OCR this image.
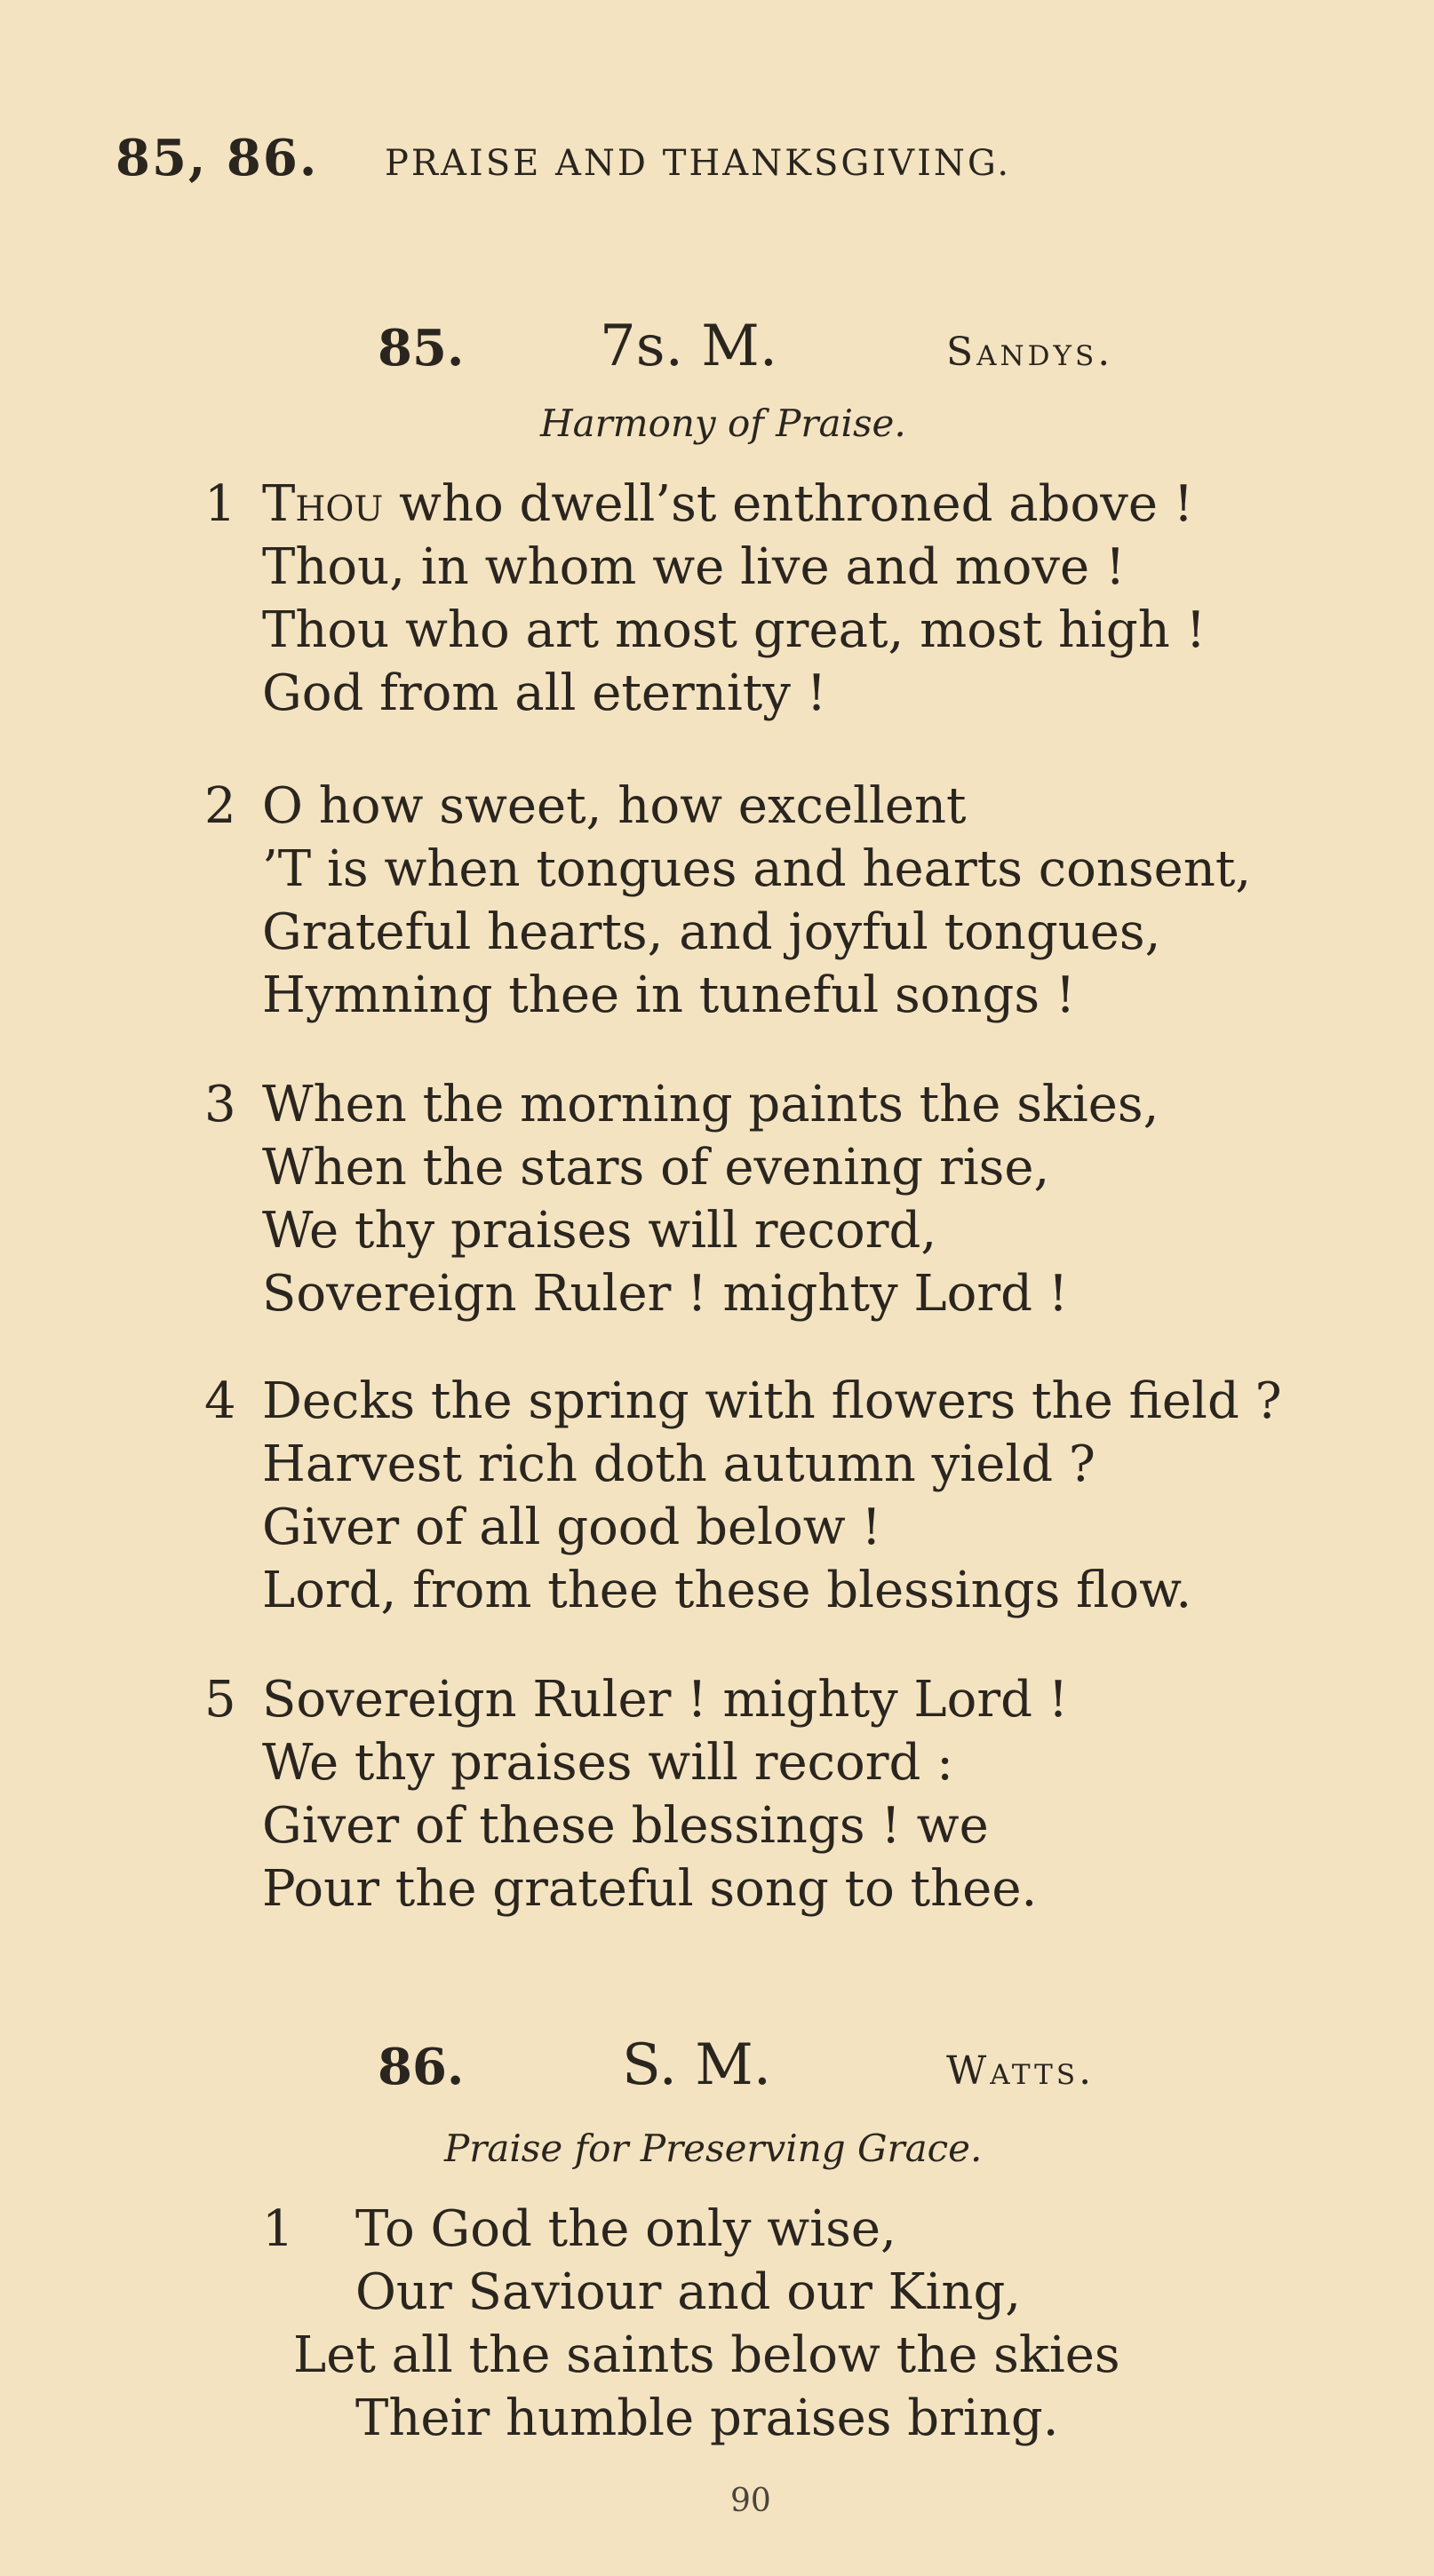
85, 86. PRAISE AND THANKSGIVING.
85. 7s. M.	Sandys.
Harmony of Praise.
1 Thou who dwell’st enthroned above !
Thou, in whom we live and move !
Thou who art most great, most high !
God from all eternity !
2 O how sweet, how excellent
’T is when tongues and hearts consent,
Grateful hearts, and joyful tongues,
Hymning thee in tuneful songs !
3 When the morning paints the skies,
When the stars of evening rise,
We thy praises will record,
Sovereign Ruler ! mighty Lord !
4 Decks the spring with flowers the field ?
Harvest rich doth autumn yield ?
Giver of all good below !
Lord, from thee these blessings flow.
5 Sovereign Ruler ! mighty Lord !
We thy praises will record :
Giver of these blessings ! we
Pour the grateful song to thee.
86.	S. M.	Watts.
Praise for Preserving Grace.
1 To God the only wise,
Our Saviour and our King,
Let all the saints below the skies
Their humble praises bring.
90
